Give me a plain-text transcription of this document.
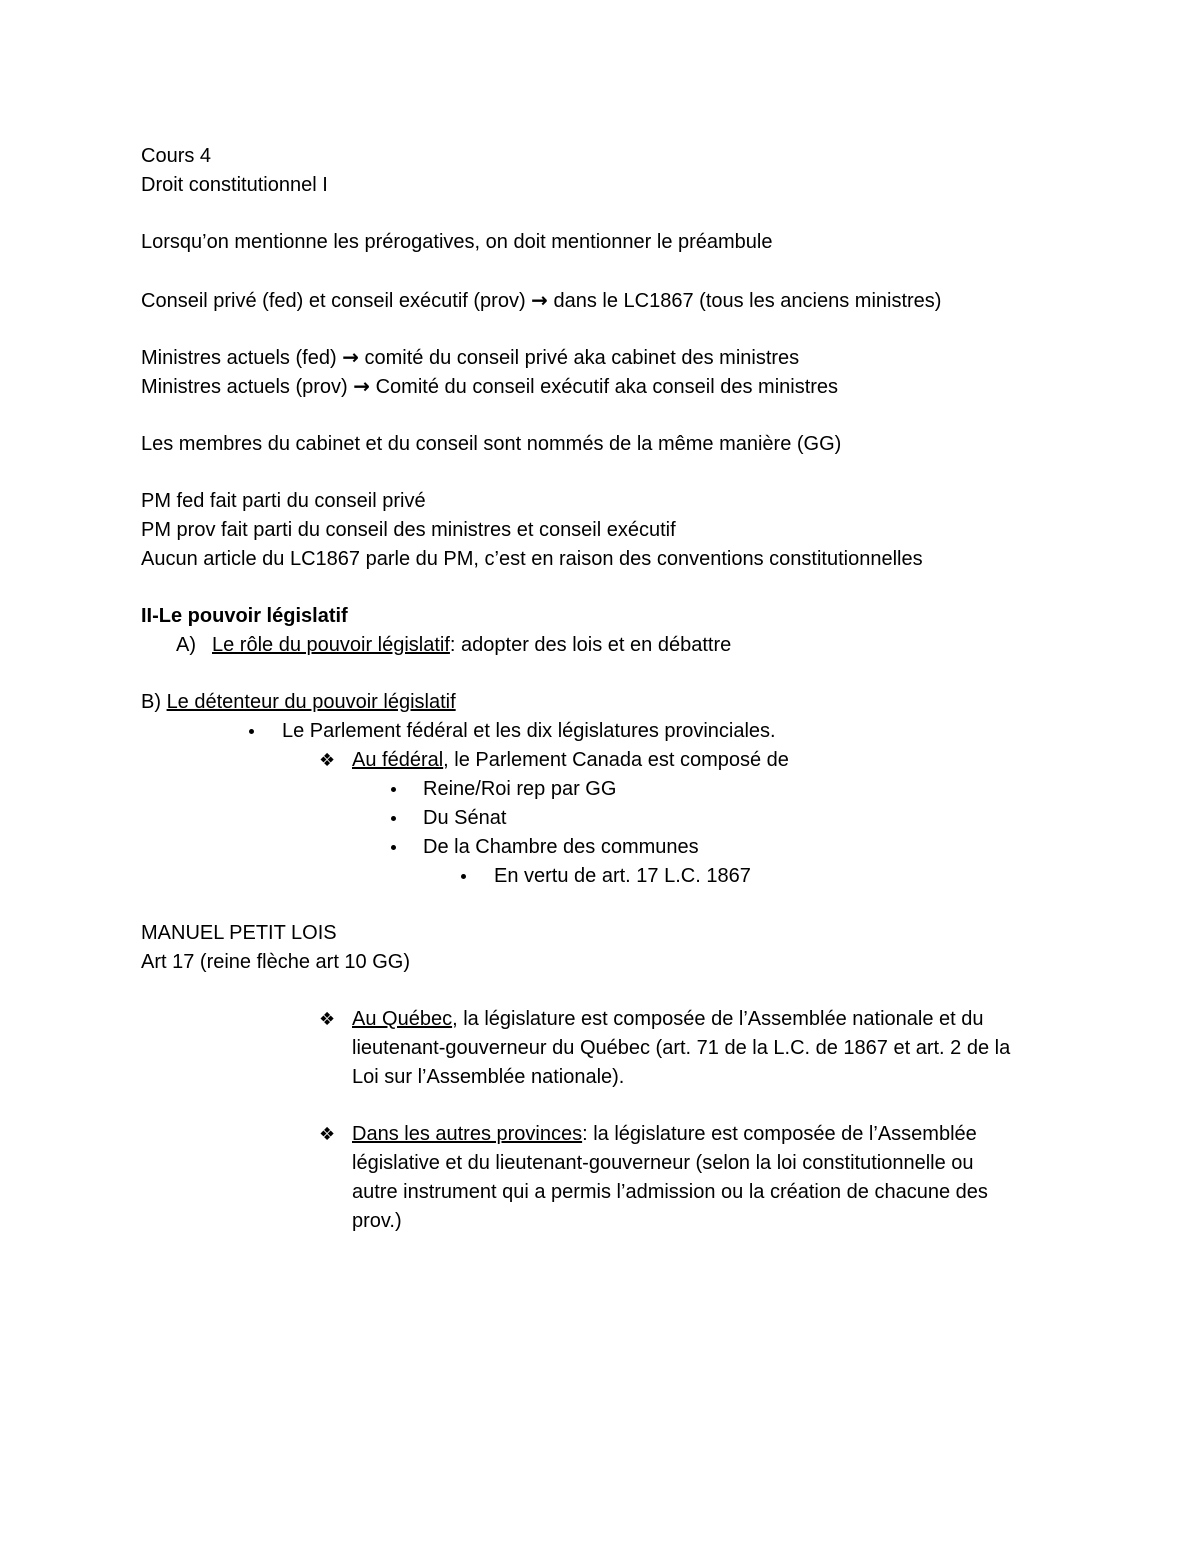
Cours 4
Droit constitutionnel I
Lorsqu’on mentionne les prérogatives, on doit mentionner le préambule
Conseil privé (fed) et conseil exécutif (prov) → dans le LC1867 (tous les anciens ministres)
Ministres actuels (fed) → comité du conseil privé aka cabinet des ministres
Ministres actuels (prov) → Comité du conseil exécutif aka conseil des ministres
Les membres du cabinet et du conseil sont nommés de la même manière (GG)
PM fed fait parti du conseil privé
PM prov fait parti du conseil des ministres et conseil exécutif
Aucun article du LC1867 parle du PM, c’est en raison des conventions constitutionnelles
II-Le pouvoir législatif
A) Le rôle du pouvoir législatif: adopter des lois et en débattre
B) Le détenteur du pouvoir législatif
Le Parlement fédéral et les dix législatures provinciales.
❖ Au fédéral, le Parlement Canada est composé de
Reine/Roi rep par GG
Du Sénat
De la Chambre des communes
En vertu de art. 17 L.C. 1867
MANUEL PETIT LOIS
Art 17 (reine flèche art 10 GG)
❖ Au Québec, la législature est composée de l’Assemblée nationale et du
lieutenant-gouverneur du Québec (art. 71 de la L.C. de 1867 et art. 2 de la
Loi sur l’Assemblée nationale).
❖ Dans les autres provinces: la législature est composée de l’Assemblée
législative et du lieutenant-gouverneur (selon la loi constitutionnelle ou
autre instrument qui a permis l’admission ou la création de chacune des
prov.)
